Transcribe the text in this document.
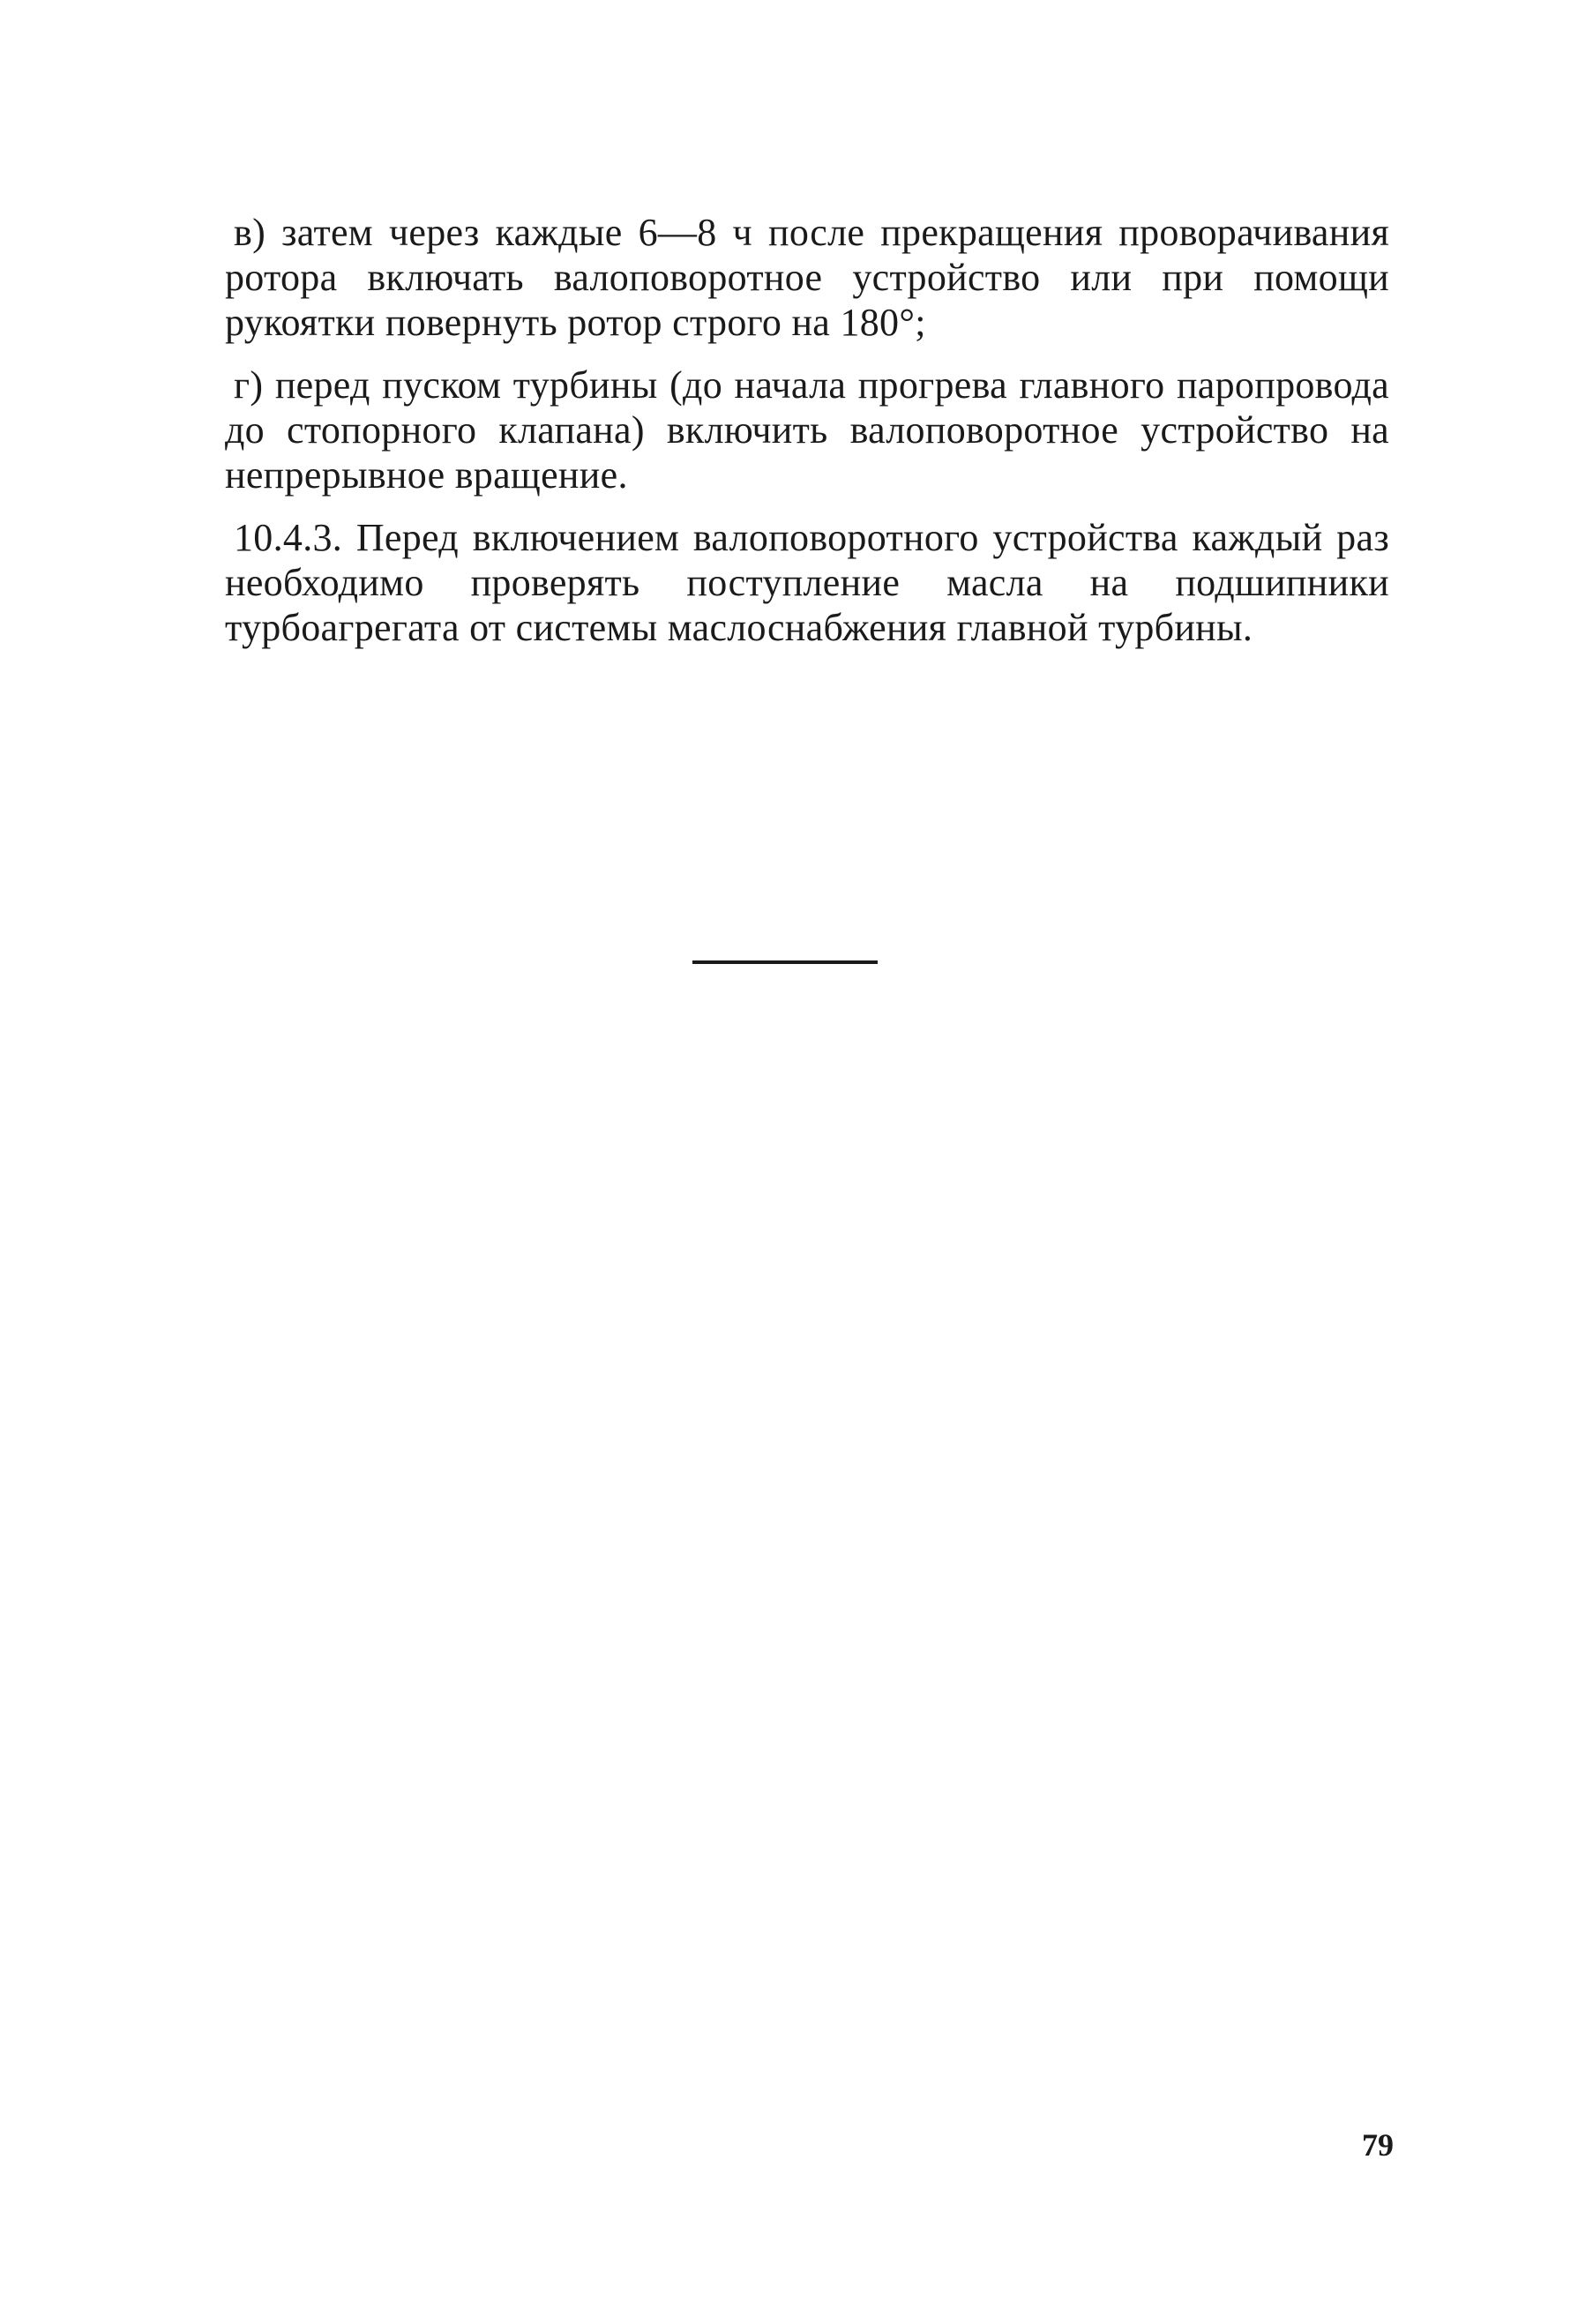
в) затем через каждые 6—8 ч после прекращения проворачивания ротора включать валоповоротное устройство или при помощи рукоятки повернуть ротор строго на 180°;

г) перед пуском турбины (до начала прогрева главного паропровода до стопорного клапана) включить валоповоротное устройство на непрерывное вращение.

10.4.3. Перед включением валоповоротного устройства каждый раз необходимо проверять поступление масла на подшипники турбоагрегата от системы маслоснабжения главной турбины.

79
